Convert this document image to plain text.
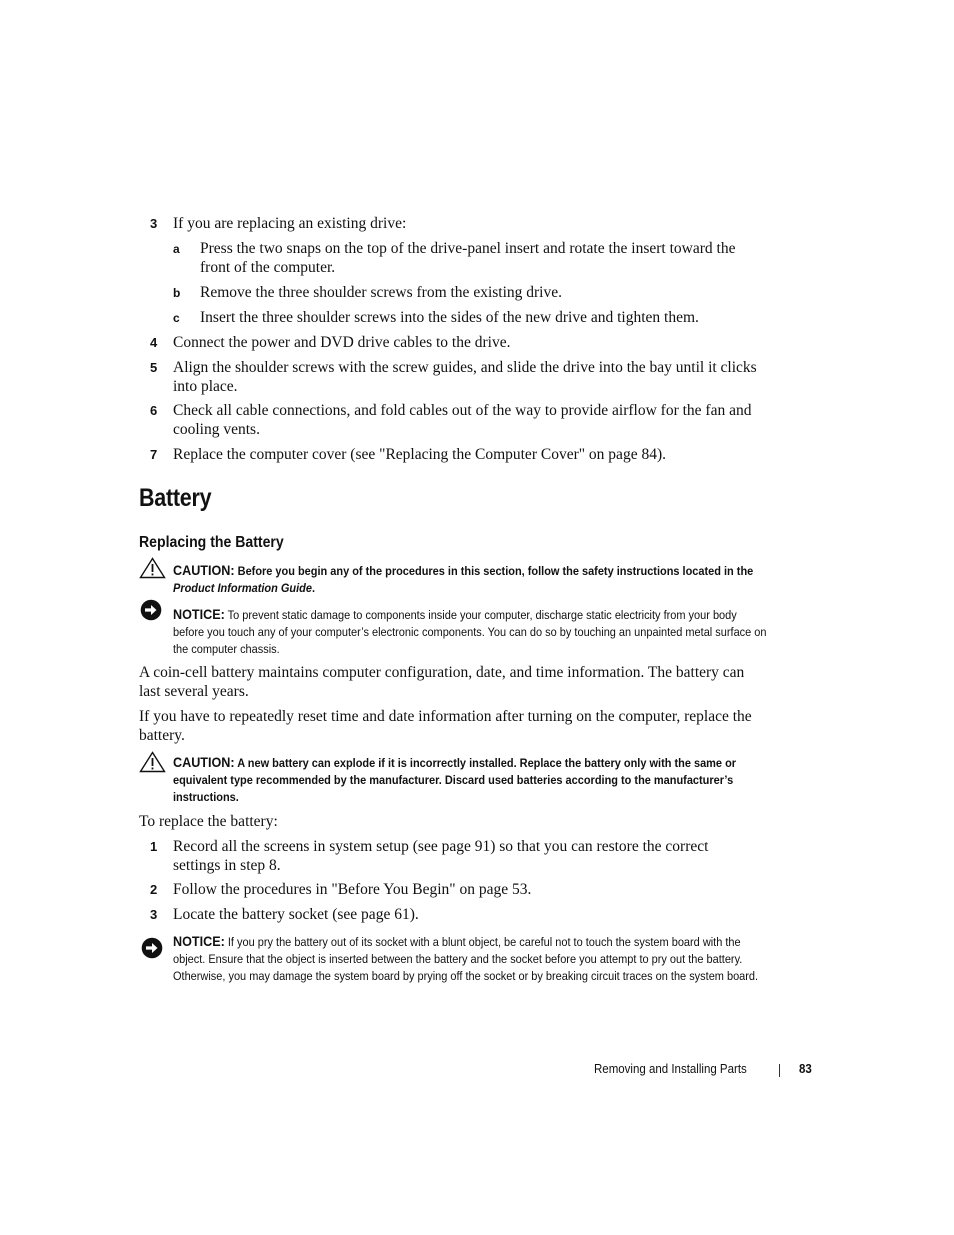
3 If you are replacing an existing drive:
a Press the two snaps on the top of the drive-panel insert and rotate the insert toward the front of the computer.
b Remove the three shoulder screws from the existing drive.
c Insert the three shoulder screws into the sides of the new drive and tighten them.
4 Connect the power and DVD drive cables to the drive.
5 Align the shoulder screws with the screw guides, and slide the drive into the bay until it clicks into place.
6 Check all cable connections, and fold cables out of the way to provide airflow for the fan and cooling vents.
7 Replace the computer cover (see "Replacing the Computer Cover" on page 84).
Battery
Replacing the Battery
CAUTION: Before you begin any of the procedures in this section, follow the safety instructions located in the Product Information Guide.
NOTICE: To prevent static damage to components inside your computer, discharge static electricity from your body before you touch any of your computer’s electronic components. You can do so by touching an unpainted metal surface on the computer chassis.
A coin-cell battery maintains computer configuration, date, and time information. The battery can last several years.
If you have to repeatedly reset time and date information after turning on the computer, replace the battery.
CAUTION: A new battery can explode if it is incorrectly installed. Replace the battery only with the same or equivalent type recommended by the manufacturer. Discard used batteries according to the manufacturer’s instructions.
To replace the battery:
1 Record all the screens in system setup (see page 91) so that you can restore the correct settings in step 8.
2 Follow the procedures in "Before You Begin" on page 53.
3 Locate the battery socket (see page 61).
NOTICE: If you pry the battery out of its socket with a blunt object, be careful not to touch the system board with the object. Ensure that the object is inserted between the battery and the socket before you attempt to pry out the battery. Otherwise, you may damage the system board by prying off the socket or by breaking circuit traces on the system board.
Removing and Installing Parts	83
